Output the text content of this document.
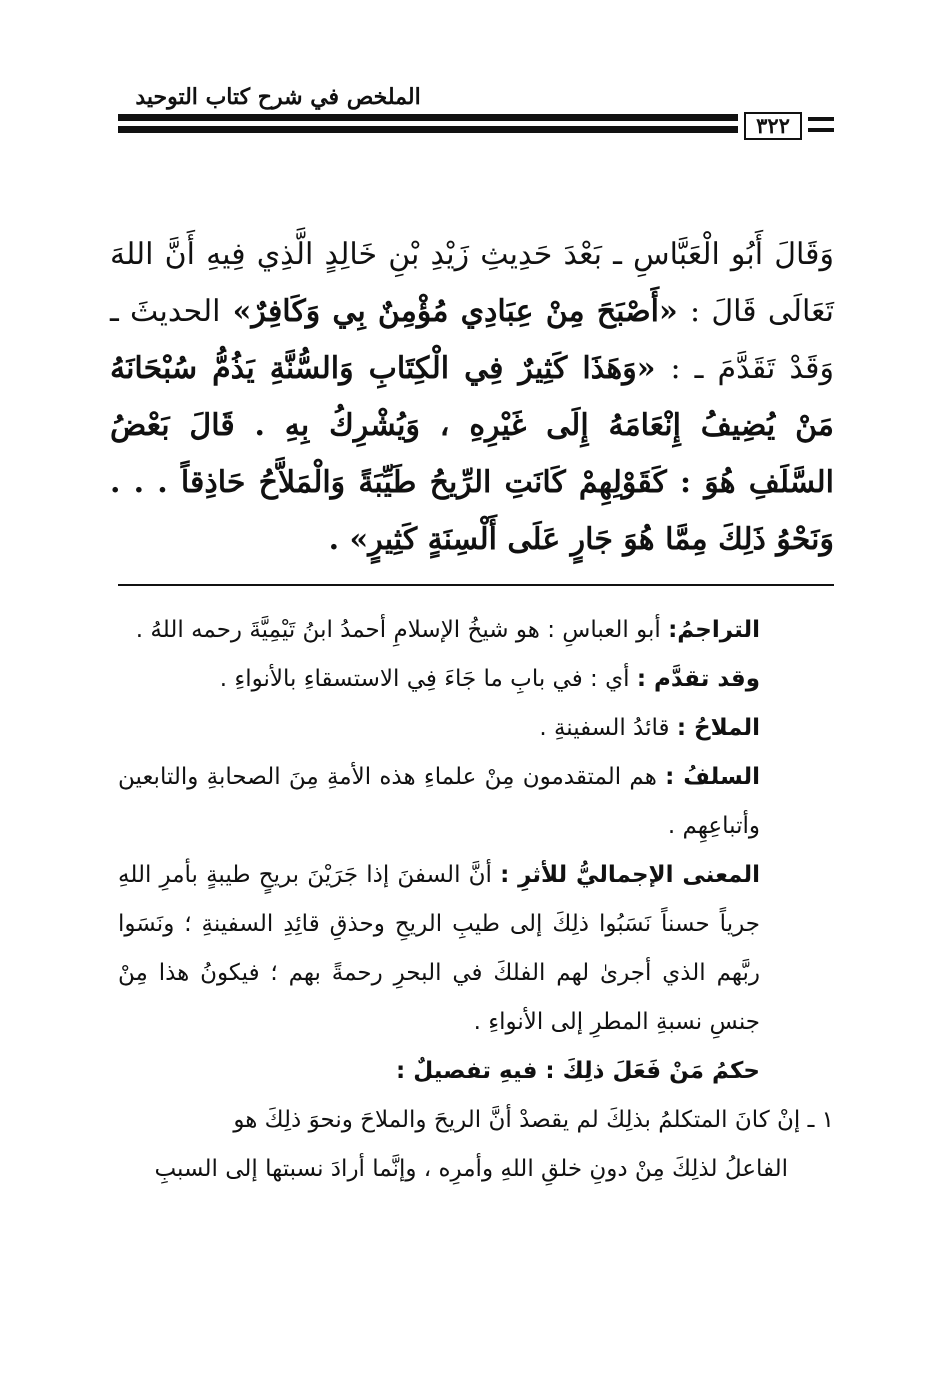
الملخص في شرح كتاب التوحيد
٣٢٢
وَقَالَ أَبُو الْعَبَّاسِ ـ بَعْدَ حَدِيثِ زَيْدِ بْنِ خَالِدٍ الَّذِي فِيهِ أَنَّ اللهَ تَعَالَى قَالَ : «أَصْبَحَ مِنْ عِبَادِي مُؤْمِنٌ بِي وَكَافِرٌ» الحديثَ ـ وَقَدْ تَقَدَّمَ ـ : «وَهَذَا كَثِيرٌ فِي الْكِتَابِ وَالسُّنَّةِ يَذُمُّ سُبْحَانَهُ مَنْ يُضِيفُ إِنْعَامَهُ إِلَى غَيْرِهِ ، وَيُشْرِكُ بِهِ . قَالَ بَعْضُ السَّلَفِ هُوَ : كَقَوْلِهِمْ كَانَتِ الرِّيحُ طَيِّبَةً وَالْمَلاَّحُ حَاذِقاً . . . وَنَحْوُ ذَلِكَ مِمَّا هُوَ جَارٍ عَلَى أَلْسِنَةٍ كَثِيرٍ» .

التراجمُ: أبو العباسِ : هو شيخُ الإسلامِ أحمدُ ابنُ تَيْمِيَّةَ رحمه اللهُ .

وقد تقدَّم : أي : في بابِ ما جَاءَ فِي الاستسقاءِ بالأنواءِ .

الملاحُ : قائدُ السفينةِ .

السلفُ : هم المتقدمون مِنْ علماءِ هذه الأمةِ مِنَ الصحابةِ والتابعين وأتباعِهِم .

المعنى الإجماليُّ للأثرِ : أنَّ السفنَ إذا جَرَيْنَ بريحٍ طيبةٍ بأمرِ اللهِ جرياً حسناً نَسَبُوا ذلِكَ إلى طيبِ الريحِ وحذقِ قائِدِ السفينةِ ؛ ونَسَوا ربَّهم الذي أجرىٰ لهم الفلكَ في البحرِ رحمةً بهم ؛ فيكونُ هذا مِنْ جنسِ نسبةِ المطرِ إلى الأنواءِ .

حكمُ مَنْ فَعَلَ ذلِكَ : فيهِ تفصيلٌ :

١ ـ إنْ كانَ المتكلمُ بذلِكَ لم يقصدْ أنَّ الريحَ والملاحَ ونحوَ ذلِكَ هو
الفاعلُ لذلِكَ مِنْ دونِ خلقِ اللهِ وأمرِه ، وإنَّما أرادَ نسبتها إلى السببِ
